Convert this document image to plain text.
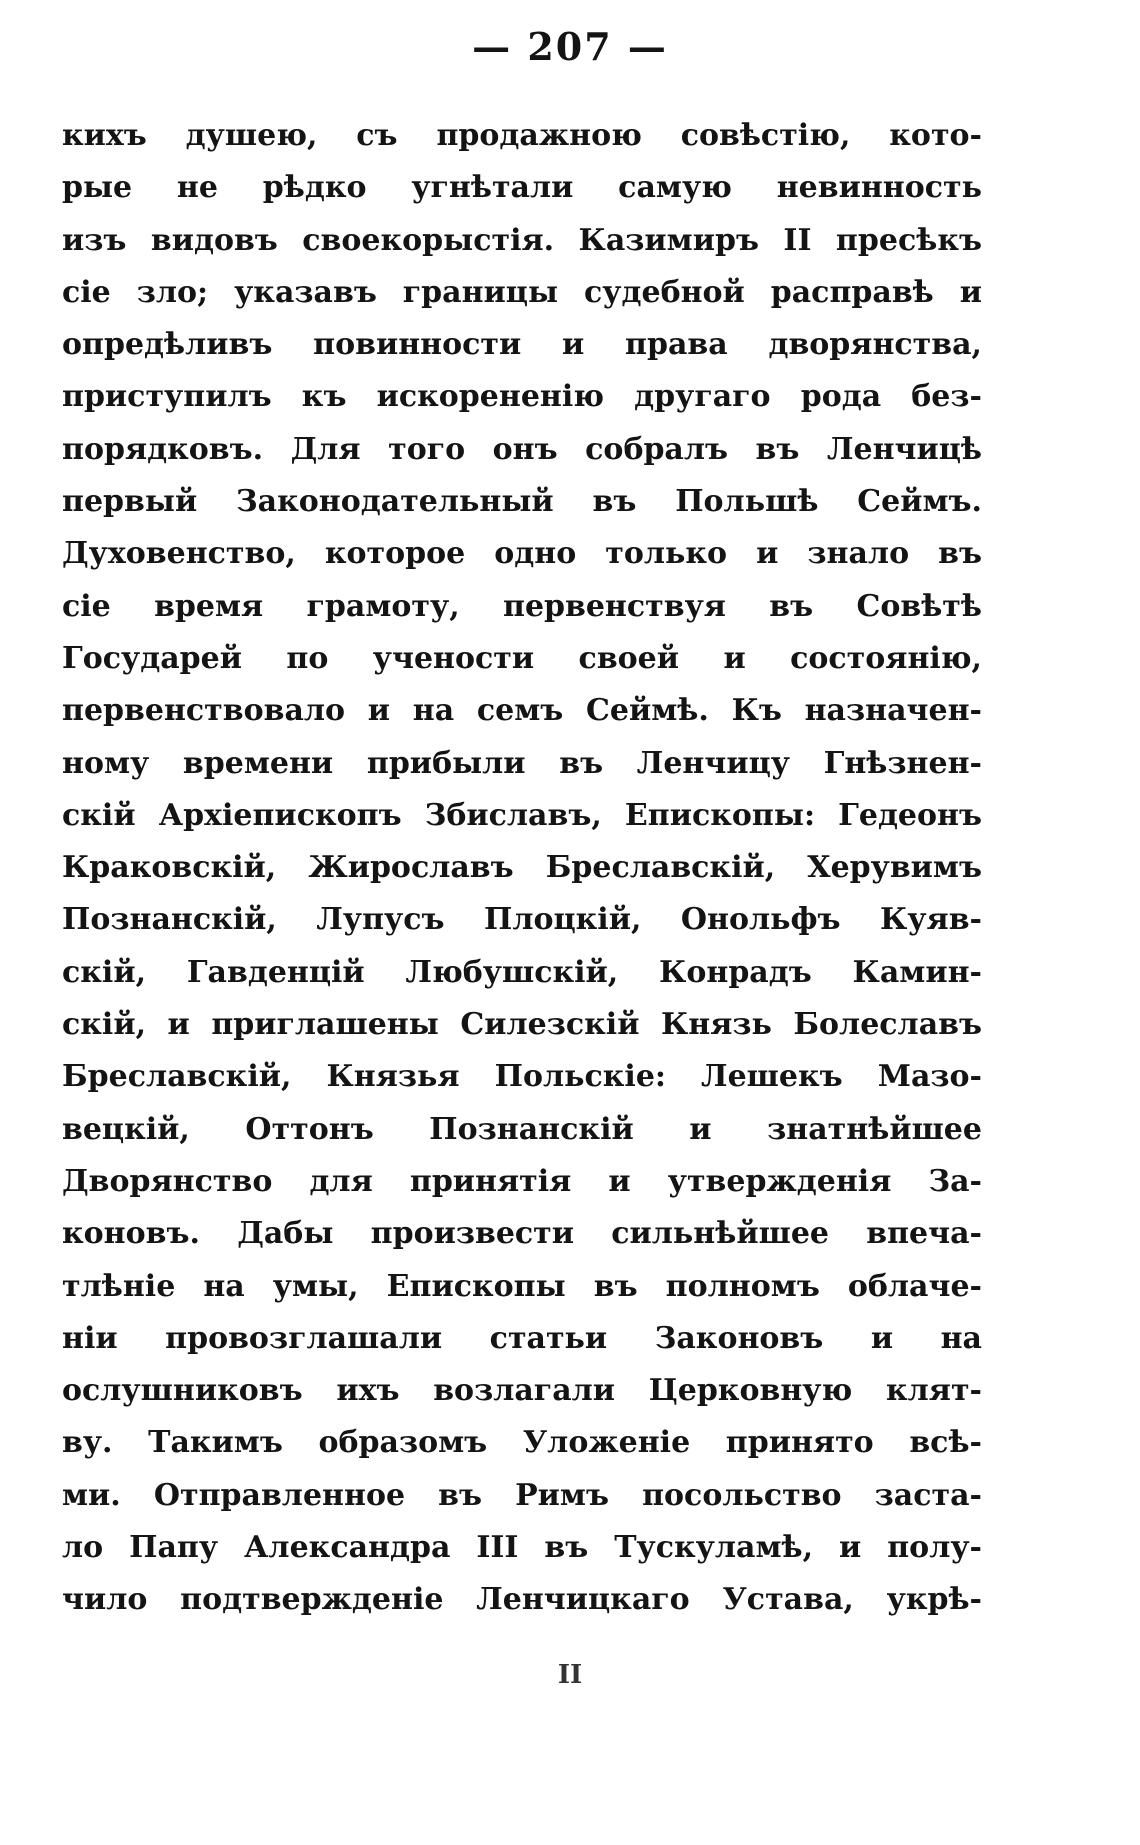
— 207 —
кихъ душею, съ продажною совѣстію, кото-
рые не рѣдко угнѣтали самую невинность
изъ видовъ своекорыстія. Казимиръ II пресѣкъ
сіе зло; указавъ границы судебной расправѣ и
опредѣливъ повинности и права дворянства,
приступилъ къ искорененію другаго рода без-
порядковъ. Для того онъ собралъ въ Ленчицѣ
первый Законодательный въ Польшѣ Сеймъ.
Духовенство, которое одно только и знало въ
сіе время грамоту, первенствуя въ Совѣтѣ
Государей по учености своей и состоянію,
первенствовало и на семъ Сеймѣ. Къ назначен-
ному времени прибыли въ Ленчицу Гнѣзнен-
скій Архіепископъ Збиславъ, Епископы: Гедеонъ
Краковскій, Жирославъ Бреславскій, Херувимъ
Познанскій, Лупусъ Плоцкій, Онольфъ Куяв-
скій, Гавденцій Любушскій, Конрадъ Камин-
скій, и приглашены Силезскій Князь Болеславъ
Бреславскій, Князья Польскіе: Лешекъ Мазо-
вецкій, Оттонъ Познанскій и знатнѣйшее
Дворянство для принятія и утвержденія За-
коновъ. Дабы произвести сильнѣйшее впеча-
тлѣніе на умы, Епископы въ полномъ облаче-
ніи провозглашали статьи Законовъ и на
ослушниковъ ихъ возлагали Церковную клят-
ву. Такимъ образомъ Уложеніе принято всѣ-
ми. Отправленное въ Римъ посольство заста-
ло Папу Александра III въ Тускуламѣ, и полу-
чило подтвержденіе Ленчицкаго Устава, укрѣ-
II
